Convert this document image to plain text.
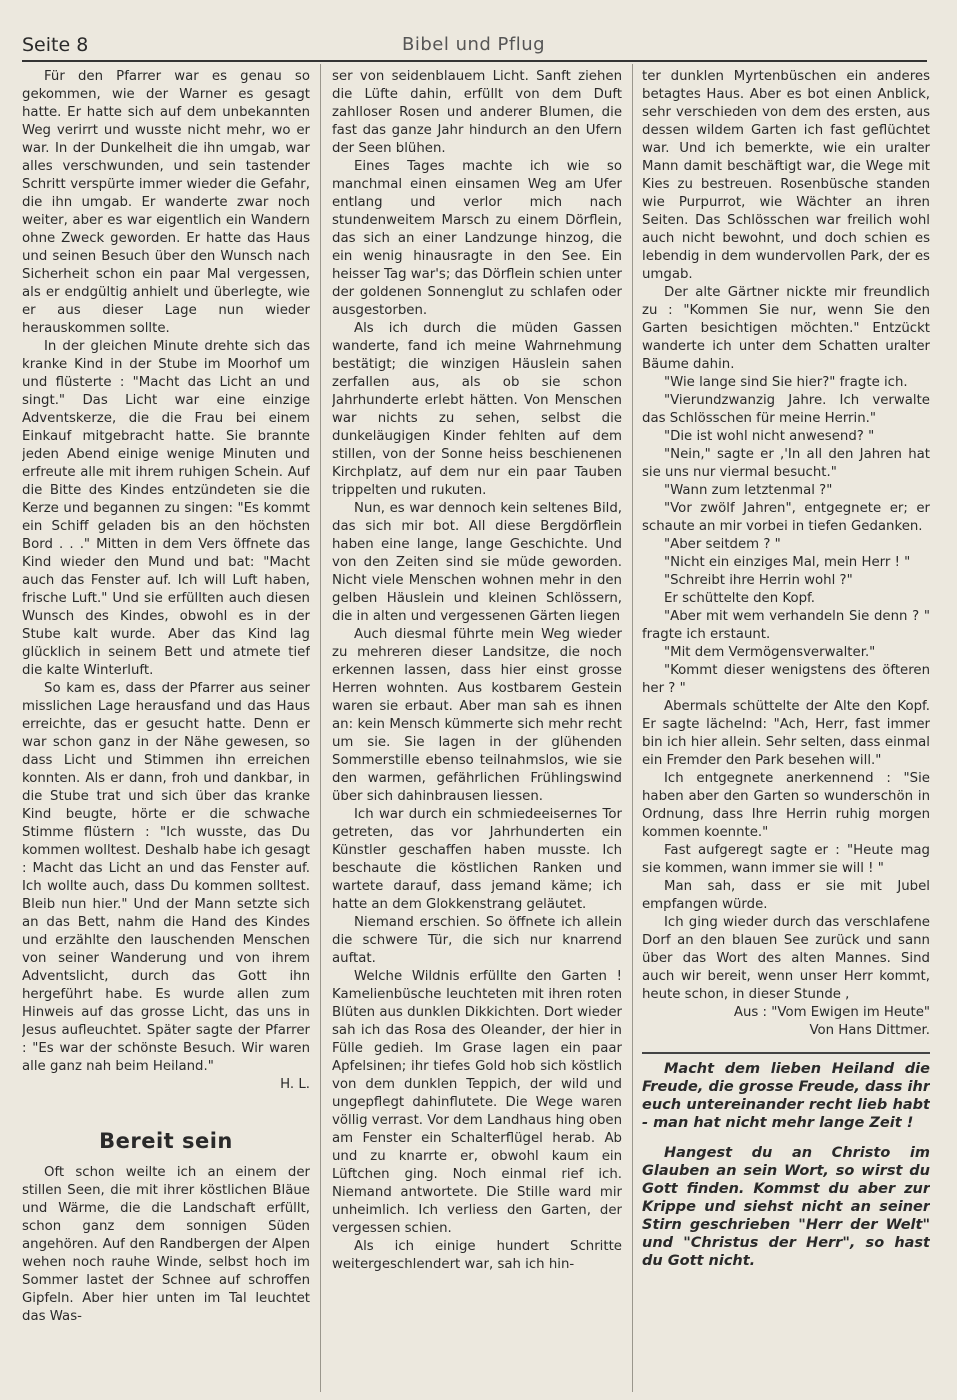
Seite 8	Bibel und Pflug

Für den Pfarrer war es genau so gekommen, wie der Warner es gesagt hatte. Er hatte sich auf dem unbekannten Weg verirrt und wusste nicht mehr, wo er war. In der Dunkelheit die ihn umgab, war alles verschwunden, und sein tastender Schritt verspürte immer wieder die Gefahr, die ihn umgab. Er wanderte zwar noch weiter, aber es war eigentlich ein Wandern ohne Zweck geworden. Er hatte das Haus und seinen Besuch über den Wunsch nach Sicherheit schon ein paar Mal vergessen, als er endgültig anhielt und überlegte, wie er aus dieser Lage nun wieder herauskommen sollte.

In der gleichen Minute drehte sich das kranke Kind in der Stube im Moorhof um und flüsterte : "Macht das Licht an und singt." Das Licht war eine einzige Adventskerze, die die Frau bei einem Einkauf mitgebracht hatte. Sie brannte jeden Abend einige wenige Minuten und erfreute alle mit ihrem ruhigen Schein. Auf die Bitte des Kindes entzündeten sie die Kerze und begannen zu singen: "Es kommt ein Schiff geladen bis an den höchsten Bord . . ." Mitten in dem Vers öffnete das Kind wieder den Mund und bat: "Macht auch das Fenster auf. Ich will Luft haben, frische Luft." Und sie erfüllten auch diesen Wunsch des Kindes, obwohl es in der Stube kalt wurde. Aber das Kind lag glücklich in seinem Bett und atmete tief die kalte Winterluft.

So kam es, dass der Pfarrer aus seiner misslichen Lage herausfand und das Haus erreichte, das er gesucht hatte. Denn er war schon ganz in der Nähe gewesen, so dass Licht und Stimmen ihn erreichen konnten. Als er dann, froh und dankbar, in die Stube trat und sich über das kranke Kind beugte, hörte er die schwache Stimme flüstern : "Ich wusste, das Du kommen wolltest. Deshalb habe ich gesagt : Macht das Licht an und das Fenster auf. Ich wollte auch, dass Du kommen solltest. Bleib nun hier." Und der Mann setzte sich an das Bett, nahm die Hand des Kindes und erzählte den lauschenden Menschen von seiner Wanderung und von ihrem Adventslicht, durch das Gott ihn hergeführt habe. Es wurde allen zum Hinweis auf das grosse Licht, das uns in Jesus aufleuchtet. Später sagte der Pfarrer : "Es war der schönste Besuch. Wir waren alle ganz nah beim Heiland."

H. L.

Bereit sein

Oft schon weilte ich an einem der stillen Seen, die mit ihrer köstlichen Bläue und Wärme, die die Landschaft erfüllt, schon ganz dem sonnigen Süden angehören. Auf den Randbergen der Alpen wehen noch rauhe Winde, selbst hoch im Sommer lastet der Schnee auf schroffen Gipfeln. Aber hier unten im Tal leuchtet das Was-

ser von seidenblauem Licht. Sanft ziehen die Lüfte dahin, erfüllt von dem Duft zahlloser Rosen und anderer Blumen, die fast das ganze Jahr hindurch an den Ufern der Seen blühen.

Eines Tages machte ich wie so manchmal einen einsamen Weg am Ufer entlang und verlor mich nach stundenweitem Marsch zu einem Dörflein, das sich an einer Landzunge hinzog, die ein wenig hinausragte in den See. Ein heisser Tag war's; das Dörflein schien unter der goldenen Sonnenglut zu schlafen oder ausgestorben.

Als ich durch die müden Gassen wanderte, fand ich meine Wahrnehmung bestätigt; die winzigen Häuslein sahen zerfallen aus, als ob sie schon Jahrhunderte erlebt hätten. Von Menschen war nichts zu sehen, selbst die dunkeläugigen Kinder fehlten auf dem stillen, von der Sonne heiss beschienenen Kirchplatz, auf dem nur ein paar Tauben trippelten und rukuten.

Nun, es war dennoch kein seltenes Bild, das sich mir bot. All diese Bergdörflein haben eine lange, lange Geschichte. Und von den Zeiten sind sie müde geworden. Nicht viele Menschen wohnen mehr in den gelben Häuslein und kleinen Schlössern, die in alten und vergessenen Gärten liegen

Auch diesmal führte mein Weg wieder zu mehreren dieser Landsitze, die noch erkennen lassen, dass hier einst grosse Herren wohnten. Aus kostbarem Gestein waren sie erbaut. Aber man sah es ihnen an: kein Mensch kümmerte sich mehr recht um sie. Sie lagen in der glühenden Sommerstille ebenso teilnahmslos, wie sie den warmen, gefährlichen Frühlingswind über sich dahinbrausen liessen.

Ich war durch ein schmiedeeisernes Tor getreten, das vor Jahrhunderten ein Künstler geschaffen haben musste. Ich beschaute die köstlichen Ranken und wartete darauf, dass jemand käme; ich hatte an dem Glokkenstrang geläutet.

Niemand erschien. So öffnete ich allein die schwere Tür, die sich nur knarrend auftat.

Welche Wildnis erfüllte den Garten ! Kamelienbüsche leuchteten mit ihren roten Blüten aus dunklen Dikkichten. Dort wieder sah ich das Rosa des Oleander, der hier in Fülle gedieh. Im Grase lagen ein paar Apfelsinen; ihr tiefes Gold hob sich köstlich von dem dunklen Teppich, der wild und ungepflegt dahinflutete. Die Wege waren völlig verrast. Vor dem Landhaus hing oben am Fenster ein Schalterflügel herab. Ab und zu knarrte er, obwohl kaum ein Lüftchen ging. Noch einmal rief ich. Niemand antwortete. Die Stille ward mir unheimlich. Ich verliess den Garten, der vergessen schien.

Als ich einige hundert Schritte weitergeschlendert war, sah ich hin-

ter dunklen Myrtenbüschen ein anderes betagtes Haus. Aber es bot einen Anblick, sehr verschieden von dem des ersten, aus dessen wildem Garten ich fast geflüchtet war. Und ich bemerkte, wie ein uralter Mann damit beschäftigt war, die Wege mit Kies zu bestreuen. Rosenbüsche standen wie Purpurrot, wie Wächter an ihren Seiten. Das Schlösschen war freilich wohl auch nicht bewohnt, und doch schien es lebendig in dem wundervollen Park, der es umgab.

Der alte Gärtner nickte mir freundlich zu : "Kommen Sie nur, wenn Sie den Garten besichtigen möchten." Entzückt wanderte ich unter dem Schatten uralter Bäume dahin.

"Wie lange sind Sie hier?" fragte ich.

"Vierundzwanzig Jahre. Ich verwalte das Schlösschen für meine Herrin."

"Die ist wohl nicht anwesend? "

"Nein," sagte er ,'In all den Jahren hat sie uns nur viermal besucht."

"Wann zum letztenmal ?"

"Vor zwölf Jahren", entgegnete er; er schaute an mir vorbei in tiefen Gedanken.

"Aber seitdem ? "

"Nicht ein einziges Mal, mein Herr ! "

"Schreibt ihre Herrin wohl ?"

Er schüttelte den Kopf.

"Aber mit wem verhandeln Sie denn ? " fragte ich erstaunt.

"Mit dem Vermögensverwalter."

"Kommt dieser wenigstens des öfteren her ? "

Abermals schüttelte der Alte den Kopf. Er sagte lächelnd: "Ach, Herr, fast immer bin ich hier allein. Sehr selten, dass einmal ein Fremder den Park besehen will."

Ich entgegnete anerkennend : "Sie haben aber den Garten so wunderschön in Ordnung, dass Ihre Herrin ruhig morgen kommen koennte."

Fast aufgeregt sagte er : "Heute mag sie kommen, wann immer sie will ! "

Man sah, dass er sie mit Jubel empfangen würde.

Ich ging wieder durch das verschlafene Dorf an den blauen See zurück und sann über das Wort des alten Mannes. Sind auch wir bereit, wenn unser Herr kommt, heute schon, in dieser Stunde ,

Aus : "Vom Ewigen im Heute"

Von Hans Dittmer.

Macht dem lieben Heiland die Freude, die grosse Freude, dass ihr euch untereinander recht lieb habt - man hat nicht mehr lange Zeit !

Hangest du an Christo im Glauben an sein Wort, so wirst du Gott finden. Kommst du aber zur Krippe und siehst nicht an seiner Stirn geschrieben "Herr der Welt" und "Christus der Herr", so hast du Gott nicht.
